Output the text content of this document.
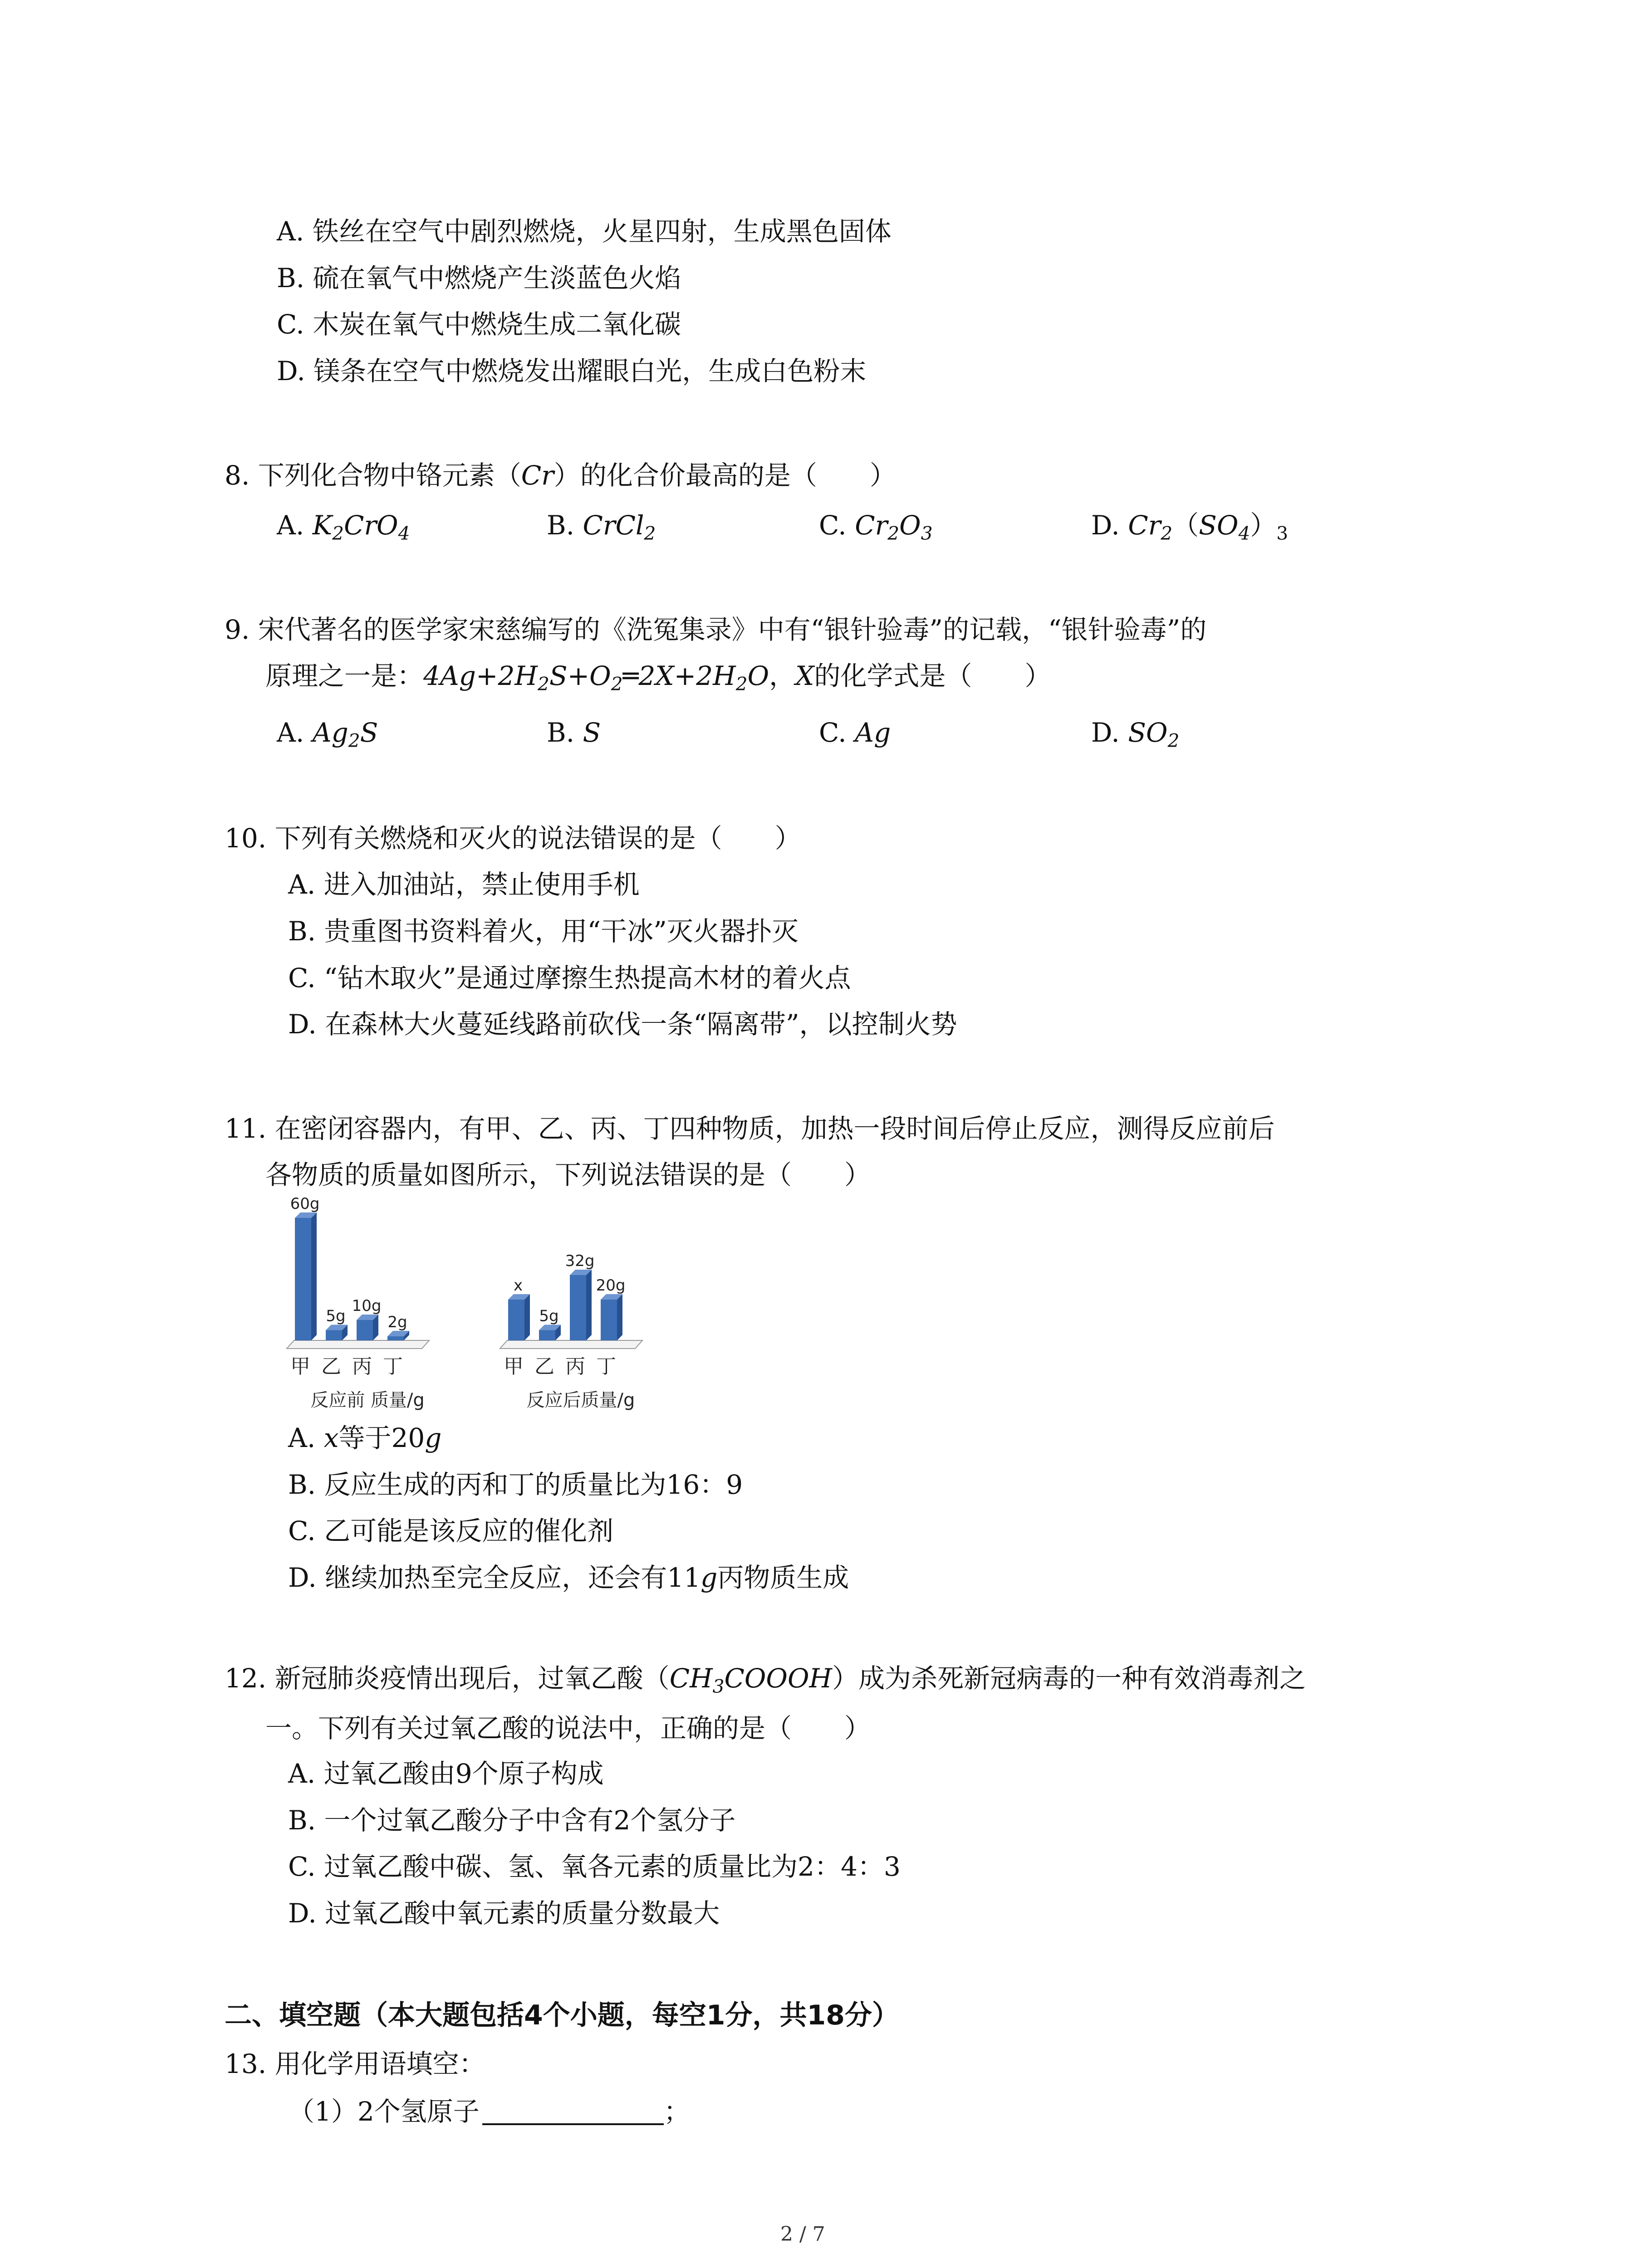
A. 铁丝在空气中剧烈燃烧，火星四射，生成黑色固体
B. 硫在氧气中燃烧产生淡蓝色火焰
C. 木炭在氧气中燃烧生成二氧化碳
D. 镁条在空气中燃烧发出耀眼白光，生成白色粉末
8. 下列化合物中铬元素（Cr）的化合价最高的是（　　）
A. $K_2CrO_4$	B. CrCl$_2$	C. $Cr_2O_3$	D. $Cr_2(SO_4)_3$
9. 宋代著名的医学家宋慈编写的《洗冤集录》中有“银针验毒”的记载，“银针验毒”的
原理之一是：$4Ag+2H_2S+O_2═2X+2H_2O$，X的化学式是（　　）
A. $Ag_2S$	B. S	C. Ag	D. $SO_2$
10. 下列有关燃烧和灭火的说法错误的是（　　）
A. 进入加油站，禁止使用手机
B. 贵重图书资料着火，用“干冰”灭火器扑灭
C. “钻木取火”是通过摩擦生热提高木材的着火点
D. 在森林大火蔓延线路前砍伐一条“隔离带”，以控制火势
11. 在密闭容器内，有甲、乙、丙、丁四种物质，加热一段时间后停止反应，测得反应前后
各物质的质量如图所示，下列说法错误的是（　　）
60g
甲
5g
乙
10g
丙
2g
丁
反应前 质量/g
x
甲
5g
乙
32g
丙
20g
丁
反应后质量/g
A. x等于20g
B. 反应生成的丙和丁的质量比为16：9
C. 乙可能是该反应的催化剂
D. 继续加热至完全反应，还会有11g丙物质生成
12. 新冠肺炎疫情出现后，过氧乙酸$(CH_3COOOH)$成为杀死新冠病毒的一种有效消毒剂之
一。下列有关过氧乙酸的说法中，正确的是（　　）
A. 过氧乙酸由9个原子构成
B. 一个过氧乙酸分子中含有2个氢分子
C. 过氧乙酸中碳、氢、氧各元素的质量比为2：4：3
D. 过氧乙酸中氧元素的质量分数最大
二、填空题（本大题包括4个小题，每空1分，共18分）
13. 用化学用语填空：
（1）2个氢原子	；
2 / 7
